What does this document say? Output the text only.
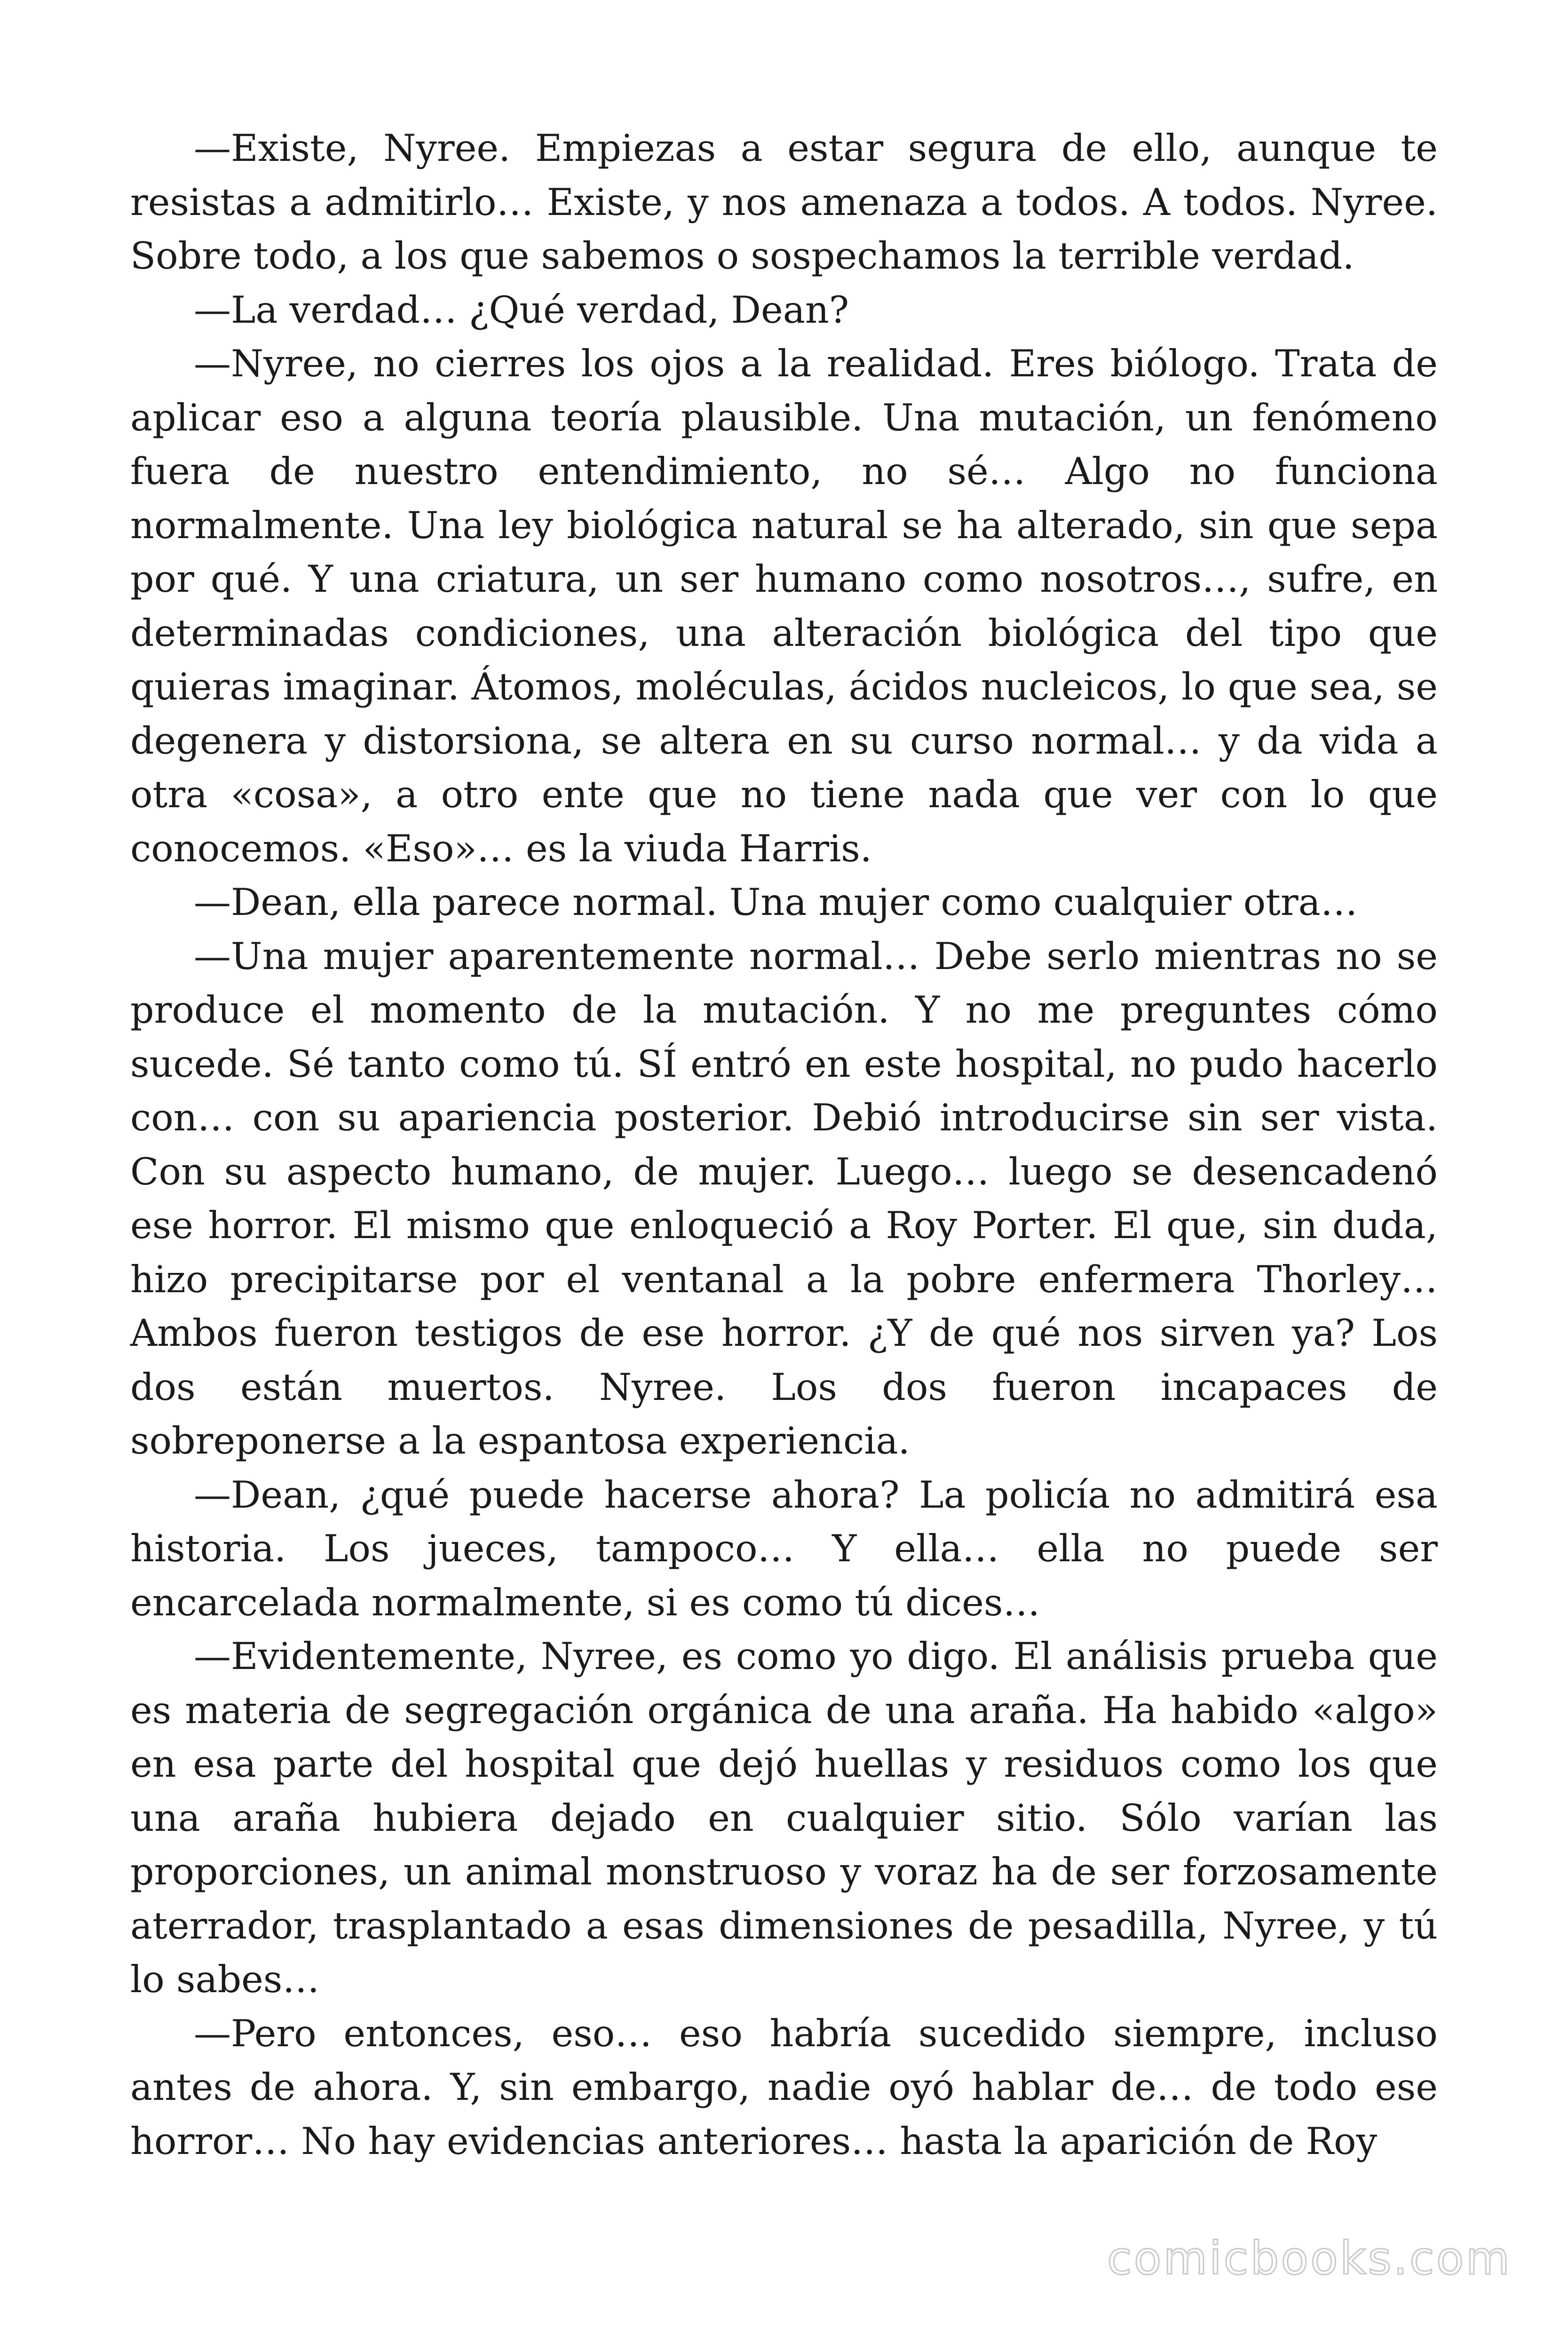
—Existe, Nyree. Empiezas a estar segura de ello, aunque te resistas a admitirlo… Existe, y nos amenaza a todos. A todos. Nyree. Sobre todo, a los que sabemos o sospechamos la terrible verdad.

—La verdad… ¿Qué verdad, Dean?

—Nyree, no cierres los ojos a la realidad. Eres biólogo. Trata de aplicar eso a alguna teoría plausible. Una mutación, un fenómeno fuera de nuestro entendimiento, no sé… Algo no funciona normalmente. Una ley biológica natural se ha alterado, sin que sepa por qué. Y una criatura, un ser humano como nosotros…, sufre, en determinadas condiciones, una alteración biológica del tipo que quieras imaginar. Átomos, moléculas, ácidos nucleicos, lo que sea, se degenera y distorsiona, se altera en su curso normal… y da vida a otra «cosa», a otro ente que no tiene nada que ver con lo que conocemos. «Eso»… es la viuda Harris.

—Dean, ella parece normal. Una mujer como cualquier otra…

—Una mujer aparentemente normal… Debe serlo mientras no se produce el momento de la mutación. Y no me preguntes cómo sucede. Sé tanto como tú. SÍ entró en este hospital, no pudo hacerlo con… con su apariencia posterior. Debió introducirse sin ser vista. Con su aspecto humano, de mujer. Luego… luego se desencadenó ese horror. El mismo que enloqueció a Roy Porter. El que, sin duda, hizo precipitarse por el ventanal a la pobre enfermera Thorley… Ambos fueron testigos de ese horror. ¿Y de qué nos sirven ya? Los dos están muertos. Nyree. Los dos fueron incapaces de sobreponerse a la espantosa experiencia.

—Dean, ¿qué puede hacerse ahora? La policía no admitirá esa historia. Los jueces, tampoco… Y ella… ella no puede ser encarcelada normalmente, si es como tú dices…

—Evidentemente, Nyree, es como yo digo. El análisis prueba que es materia de segregación orgánica de una araña. Ha habido «algo» en esa parte del hospital que dejó huellas y residuos como los que una araña hubiera dejado en cualquier sitio. Sólo varían las proporciones, un animal monstruoso y voraz ha de ser forzosamente aterrador, trasplantado a esas dimensiones de pesadilla, Nyree, y tú lo sabes…

—Pero entonces, eso… eso habría sucedido siempre, incluso antes de ahora. Y, sin embargo, nadie oyó hablar de… de todo ese horror… No hay evidencias anteriores… hasta la aparición de Roy

comicbooks.com
